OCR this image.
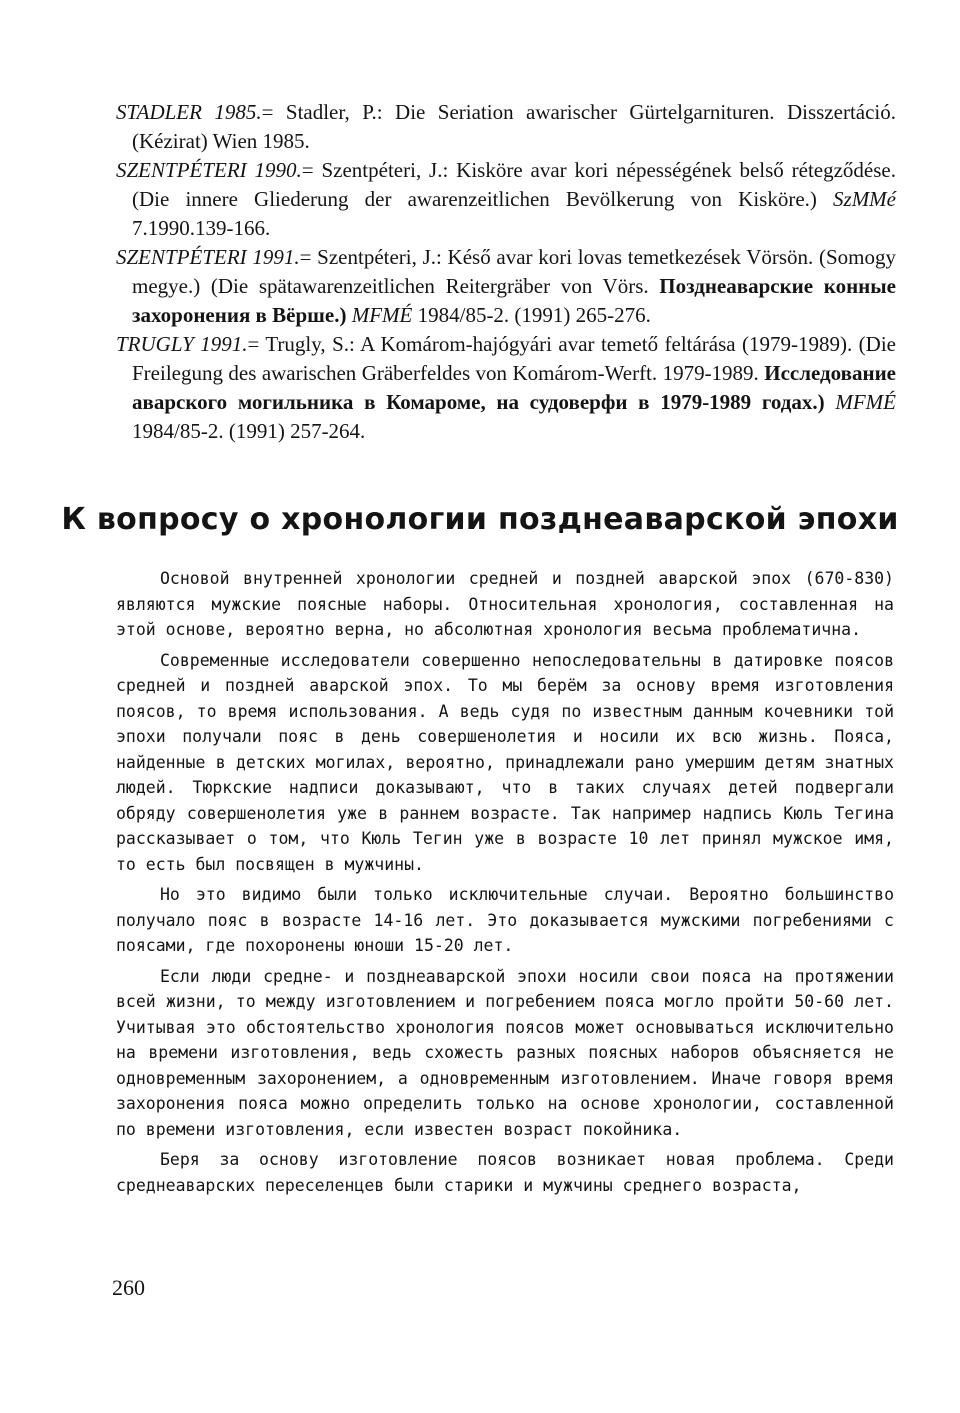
STADLER 1985.= Stadler, P.: Die Seriation awarischer Gürtelgarnituren. Disszertáció. (Kézirat) Wien 1985.
SZENTPÉTERI 1990.= Szentpéteri, J.: Kisköre avar kori népességének belső rétegződése. (Die innere Gliederung der awarenzeitlichen Bevölkerung von Kisköre.) SzMMé 7.1990.139-166.
SZENTPÉTERI 1991.= Szentpéteri, J.: Késő avar kori lovas temetkezések Vörsön. (Somogy megye.) (Die spätawarenzeitlichen Reitergräber von Vörs. Позднеаварские конные захоронения в Вёрше.) MFMÉ 1984/85-2. (1991) 265-276.
TRUGLY 1991.= Trugly, S.: A Komárom-hajógyári avar temető feltárása (1979-1989). (Die Freilegung des awarischen Gräberfeldes von Komárom-Werft. 1979-1989. Исследование аварского могильника в Комароме, на судоверфи в 1979-1989 годах.) MFMÉ 1984/85-2. (1991) 257-264.
К вопросу о хронологии позднеаварской эпохи

Основой внутренней хронологии средней и поздней аварской эпох (670-830) являются мужские поясные наборы. Относительная хронология, составленная на этой основе, вероятно верна, но абсолютная хронология весьма проблематична.

Современные исследователи совершенно непоследовательны в датировке поясов средней и поздней аварской эпох. То мы берём за основу время изготовления поясов, то время использования. А ведь судя по известным данным кочевники той эпохи получали пояс в день совершенолетия и носили их всю жизнь. Пояса, найденные в детских могилах, вероятно, принадлежали рано умершим детям знатных людей. Тюркские надписи доказывают, что в таких случаях детей подвергали обряду совершенолетия уже в раннем возрасте. Так например надпись Кюль Тегина рассказывает о том, что Кюль Тегин уже в возрасте 10 лет принял мужское имя, то есть был посвящен в мужчины.

Но это видимо были только исключительные случаи. Вероятно большинство получало пояс в возрасте 14-16 лет. Это доказывается мужскими погребениями с поясами, где похоронены юноши 15-20 лет.

Если люди средне- и позднеаварской эпохи носили свои пояса на протяжении всей жизни, то между изготовлением и погребением пояса могло пройти 50-60 лет. Учитывая это обстоятельство хронология поясов может основываться исключительно на времени изготовления, ведь схожесть разных поясных наборов объясняется не одновременным захоронением, а одновременным изготовлением. Иначе говоря время захоронения пояса можно определить только на основе хронологии, составленной по времени изготовления, если известен возраст покойника.

Беря за основу изготовление поясов возникает новая проблема. Среди среднеаварских переселенцев были старики и мужчины среднего возраста,

260
